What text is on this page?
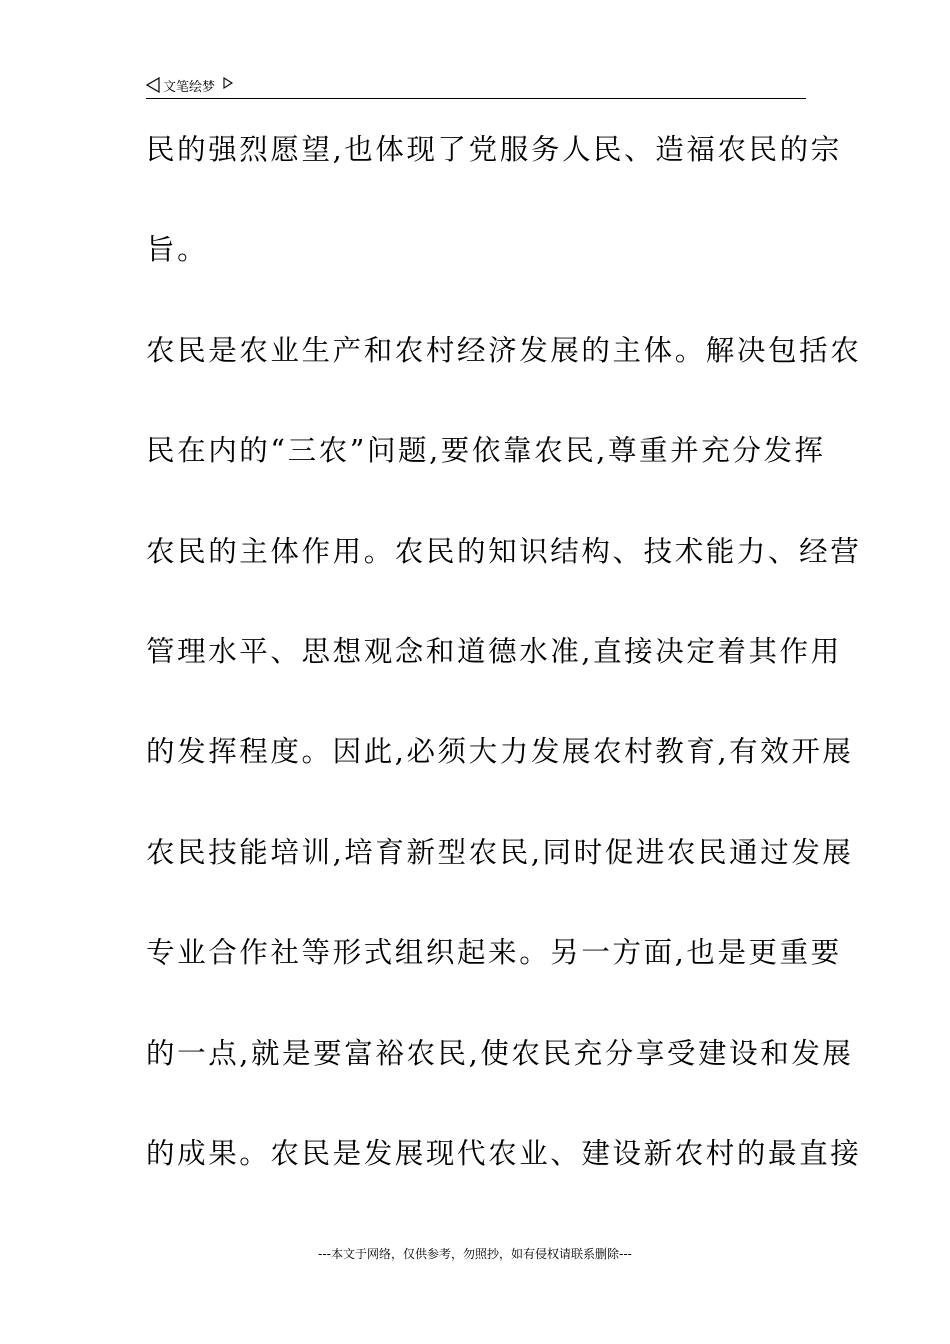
文笔绘梦
民的强烈愿望,也体现了党服务人民、造福农民的宗
旨。
农民是农业生产和农村经济发展的主体。解决包括农
民在内的“三农”问题,要依靠农民,尊重并充分发挥
农民的主体作用。农民的知识结构、技术能力、经营
管理水平、思想观念和道德水准,直接决定着其作用
的发挥程度。因此,必须大力发展农村教育,有效开展
农民技能培训,培育新型农民,同时促进农民通过发展
专业合作社等形式组织起来。另一方面,也是更重要
的一点,就是要富裕农民,使农民充分享受建设和发展
的成果。农民是发展现代农业、建设新农村的最直接
---本文于网络，仅供参考，勿照抄，如有侵权请联系删除---
